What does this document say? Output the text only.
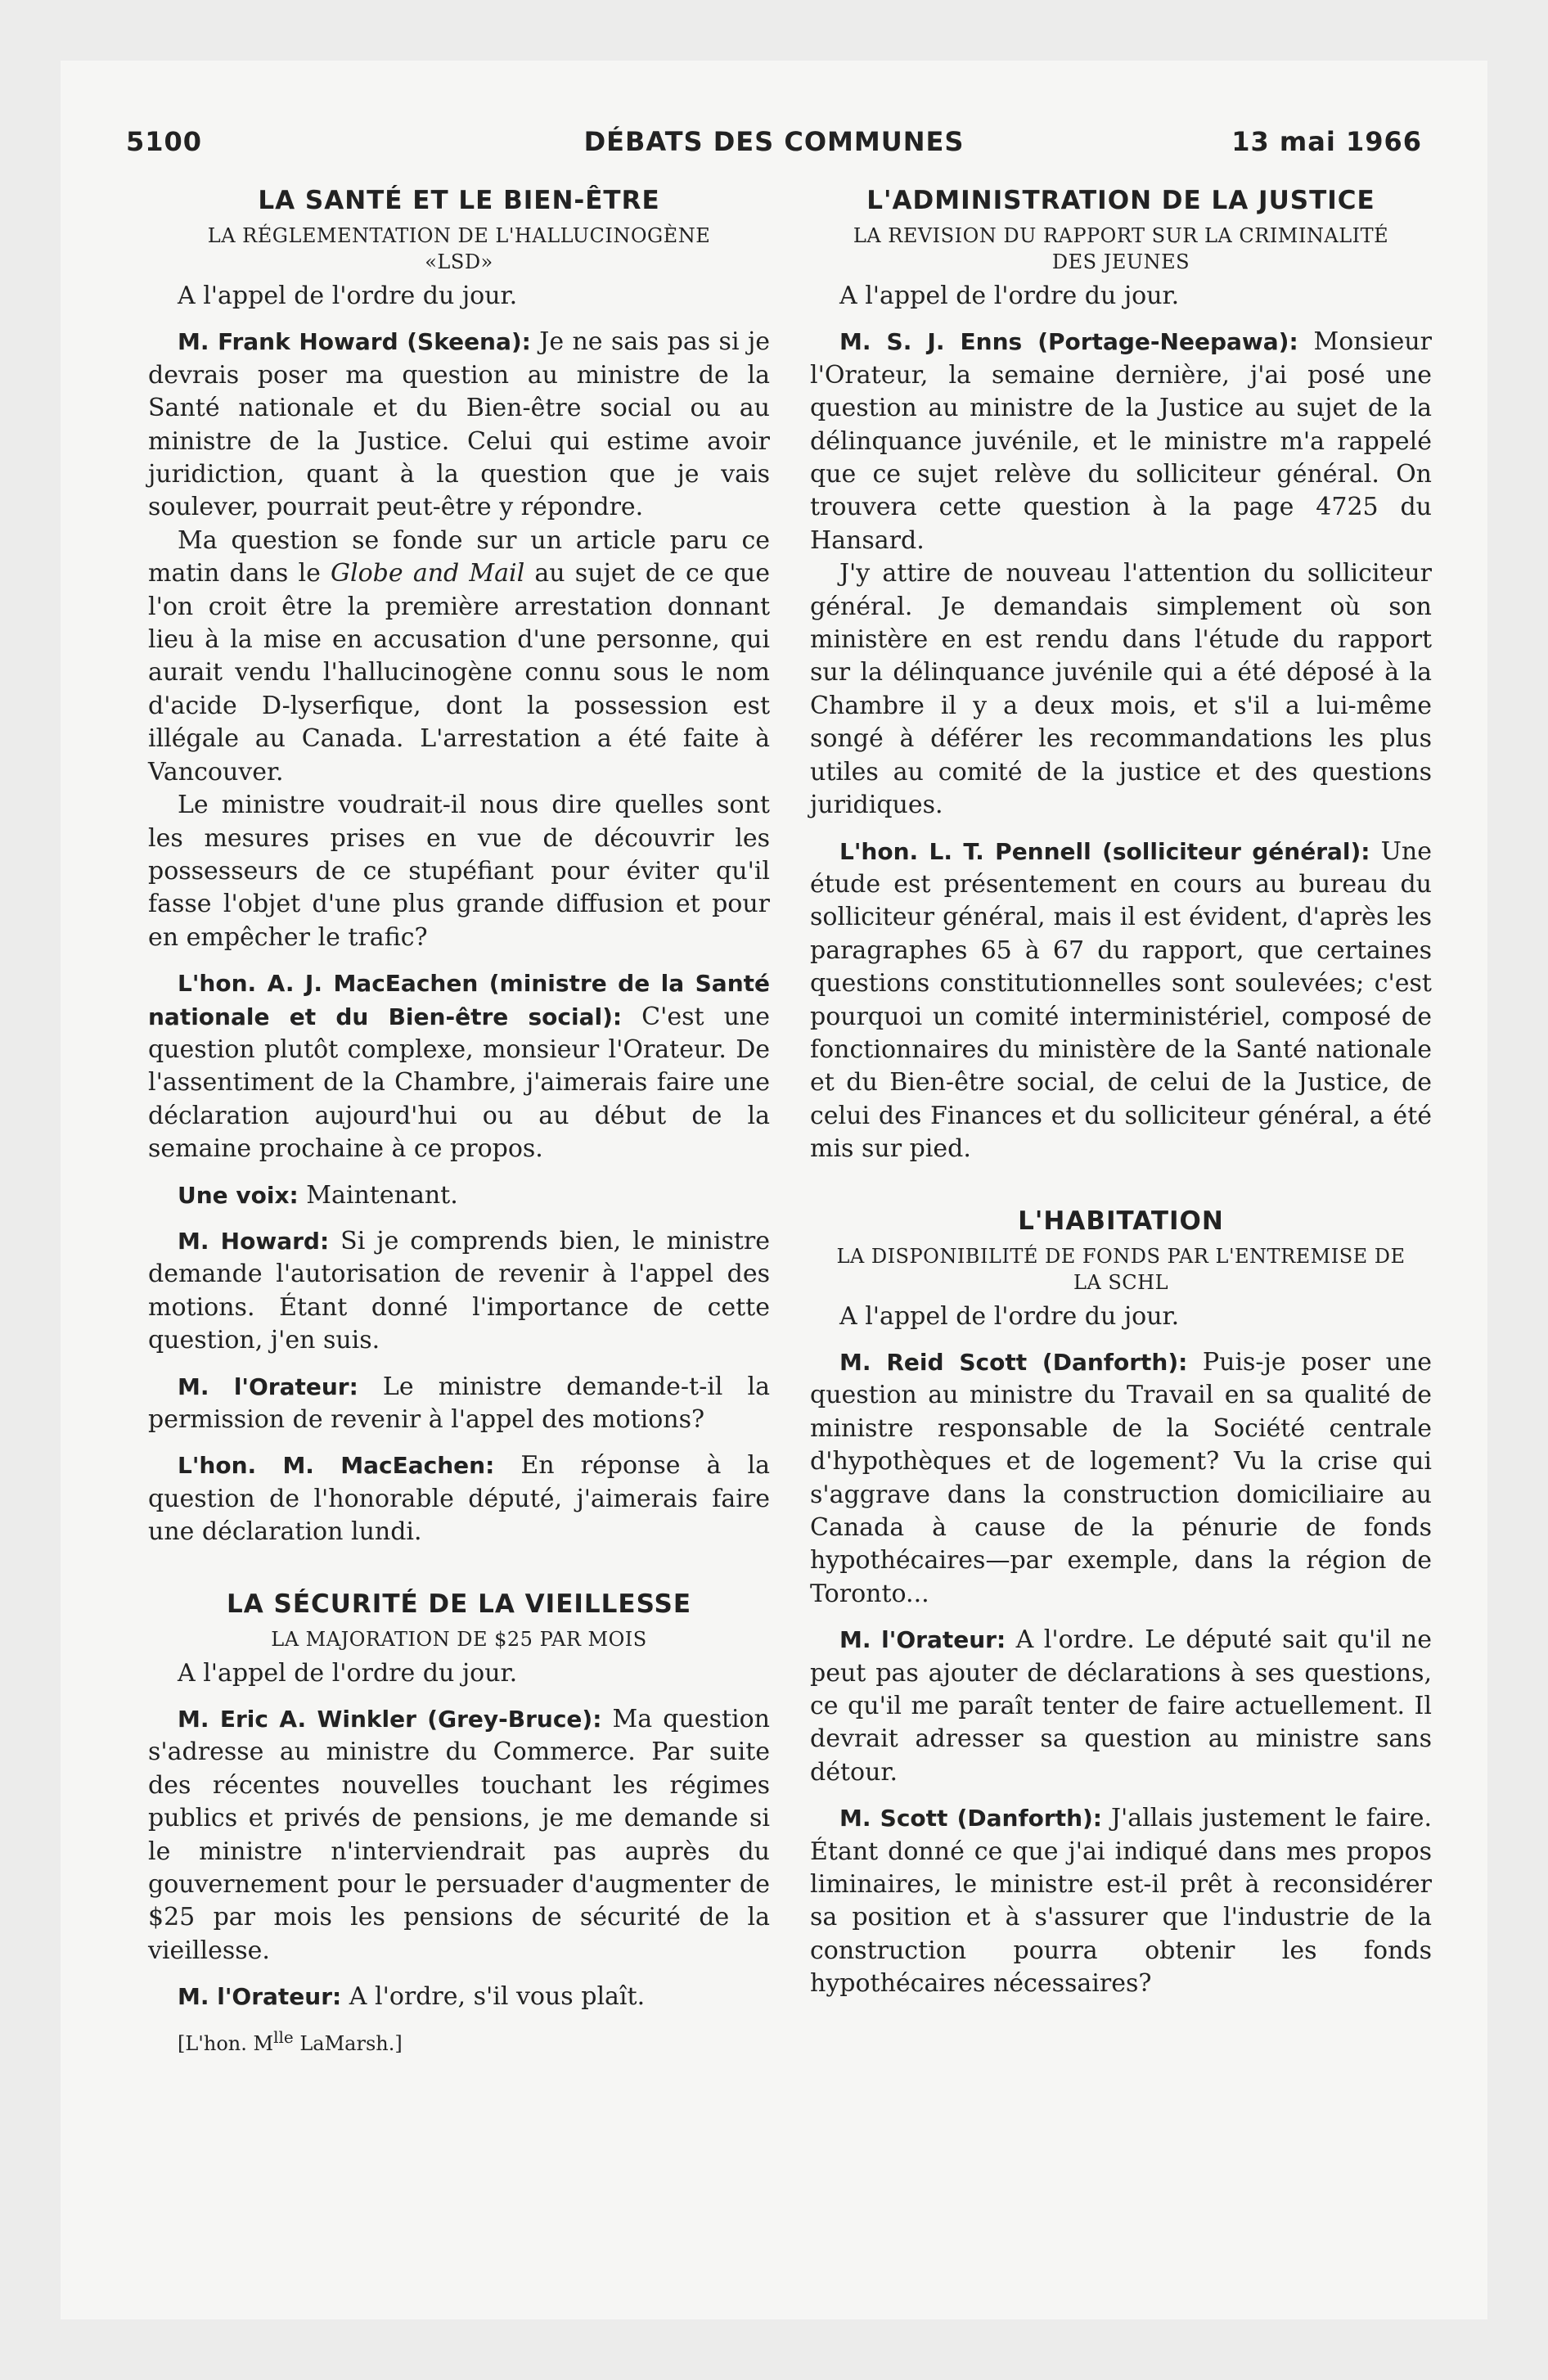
5100	DÉBATS DES COMMUNES	13 mai 1966
LA SANTÉ ET LE BIEN-ÊTRE
LA RÉGLEMENTATION DE L'HALLUCINOGÈNE «LSD»

A l'appel de l'ordre du jour.

M. Frank Howard (Skeena): Je ne sais pas si je devrais poser ma question au ministre de la Santé nationale et du Bien-être social ou au ministre de la Justice. Celui qui estime avoir juridiction, quant à la question que je vais soulever, pourrait peut-être y répondre.

Ma question se fonde sur un article paru ce matin dans le Globe and Mail au sujet de ce que l'on croit être la première arrestation donnant lieu à la mise en accusation d'une personne, qui aurait vendu l'hallucinogène connu sous le nom d'acide D-lyserfique, dont la possession est illégale au Canada. L'arrestation a été faite à Vancouver.

Le ministre voudrait-il nous dire quelles sont les mesures prises en vue de découvrir les possesseurs de ce stupéfiant pour éviter qu'il fasse l'objet d'une plus grande diffusion et pour en empêcher le trafic?

L'hon. A. J. MacEachen (ministre de la Santé nationale et du Bien-être social): C'est une question plutôt complexe, monsieur l'Orateur. De l'assentiment de la Chambre, j'aimerais faire une déclaration aujourd'hui ou au début de la semaine prochaine à ce propos.

Une voix: Maintenant.

M. Howard: Si je comprends bien, le ministre demande l'autorisation de revenir à l'appel des motions. Étant donné l'importance de cette question, j'en suis.

M. l'Orateur: Le ministre demande-t-il la permission de revenir à l'appel des motions?

L'hon. M. MacEachen: En réponse à la question de l'honorable député, j'aimerais faire une déclaration lundi.

LA SÉCURITÉ DE LA VIEILLESSE
LA MAJORATION DE $25 PAR MOIS

A l'appel de l'ordre du jour.

M. Eric A. Winkler (Grey-Bruce): Ma question s'adresse au ministre du Commerce. Par suite des récentes nouvelles touchant les régimes publics et privés de pensions, je me demande si le ministre n'interviendrait pas auprès du gouvernement pour le persuader d'augmenter de $25 par mois les pensions de sécurité de la vieillesse.

M. l'Orateur: A l'ordre, s'il vous plaît.

[L'hon. $M^{lle}$ LaMarsh.]

L'ADMINISTRATION DE LA JUSTICE
LA REVISION DU RAPPORT SUR LA CRIMINALITÉ DES JEUNES

A l'appel de l'ordre du jour.

M. S. J. Enns (Portage-Neepawa): Monsieur l'Orateur, la semaine dernière, j'ai posé une question au ministre de la Justice au sujet de la délinquance juvénile, et le ministre m'a rappelé que ce sujet relève du solliciteur général. On trouvera cette question à la page 4725 du Hansard.

J'y attire de nouveau l'attention du solliciteur général. Je demandais simplement où son ministère en est rendu dans l'étude du rapport sur la délinquance juvénile qui a été déposé à la Chambre il y a deux mois, et s'il a lui-même songé à déférer les recommandations les plus utiles au comité de la justice et des questions juridiques.

L'hon. L. T. Pennell (solliciteur général): Une étude est présentement en cours au bureau du solliciteur général, mais il est évident, d'après les paragraphes 65 à 67 du rapport, que certaines questions constitutionnelles sont soulevées; c'est pourquoi un comité interministériel, composé de fonctionnaires du ministère de la Santé nationale et du Bien-être social, de celui de la Justice, de celui des Finances et du solliciteur général, a été mis sur pied.

L'HABITATION
LA DISPONIBILITÉ DE FONDS PAR L'ENTREMISE DE LA SCHL

A l'appel de l'ordre du jour.

M. Reid Scott (Danforth): Puis-je poser une question au ministre du Travail en sa qualité de ministre responsable de la Société centrale d'hypothèques et de logement? Vu la crise qui s'aggrave dans la construction domiciliaire au Canada à cause de la pénurie de fonds hypothécaires—par exemple, dans la région de Toronto...

M. l'Orateur: A l'ordre. Le député sait qu'il ne peut pas ajouter de déclarations à ses questions, ce qu'il me paraît tenter de faire actuellement. Il devrait adresser sa question au ministre sans détour.

M. Scott (Danforth): J'allais justement le faire. Étant donné ce que j'ai indiqué dans mes propos liminaires, le ministre est-il prêt à reconsidérer sa position et à s'assurer que l'industrie de la construction pourra obtenir les fonds hypothécaires nécessaires?
